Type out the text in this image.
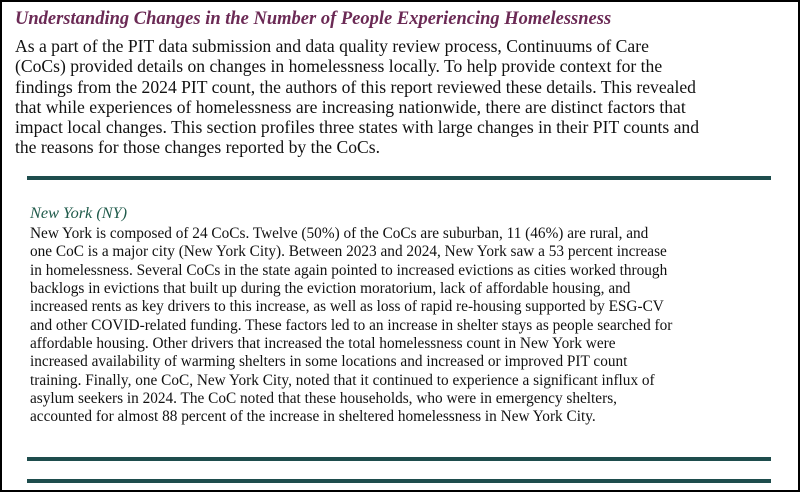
Understanding Changes in the Number of People Experiencing Homelessness

As a part of the PIT data submission and data quality review process, Continuums of Care
(CoCs) provided details on changes in homelessness locally. To help provide context for the
findings from the 2024 PIT count, the authors of this report reviewed these details. This revealed
that while experiences of homelessness are increasing nationwide, there are distinct factors that
impact local changes. This section profiles three states with large changes in their PIT counts and
the reasons for those changes reported by the CoCs.

New York (NY)

New York is composed of 24 CoCs. Twelve (50%) of the CoCs are suburban, 11 (46%) are rural, and
one CoC is a major city (New York City). Between 2023 and 2024, New York saw a 53 percent increase
in homelessness. Several CoCs in the state again pointed to increased evictions as cities worked through
backlogs in evictions that built up during the eviction moratorium, lack of affordable housing, and
increased rents as key drivers to this increase, as well as loss of rapid re-housing supported by ESG-CV
and other COVID-related funding. These factors led to an increase in shelter stays as people searched for
affordable housing. Other drivers that increased the total homelessness count in New York were
increased availability of warming shelters in some locations and increased or improved PIT count
training. Finally, one CoC, New York City, noted that it continued to experience a significant influx of
asylum seekers in 2024. The CoC noted that these households, who were in emergency shelters,
accounted for almost 88 percent of the increase in sheltered homelessness in New York City.
